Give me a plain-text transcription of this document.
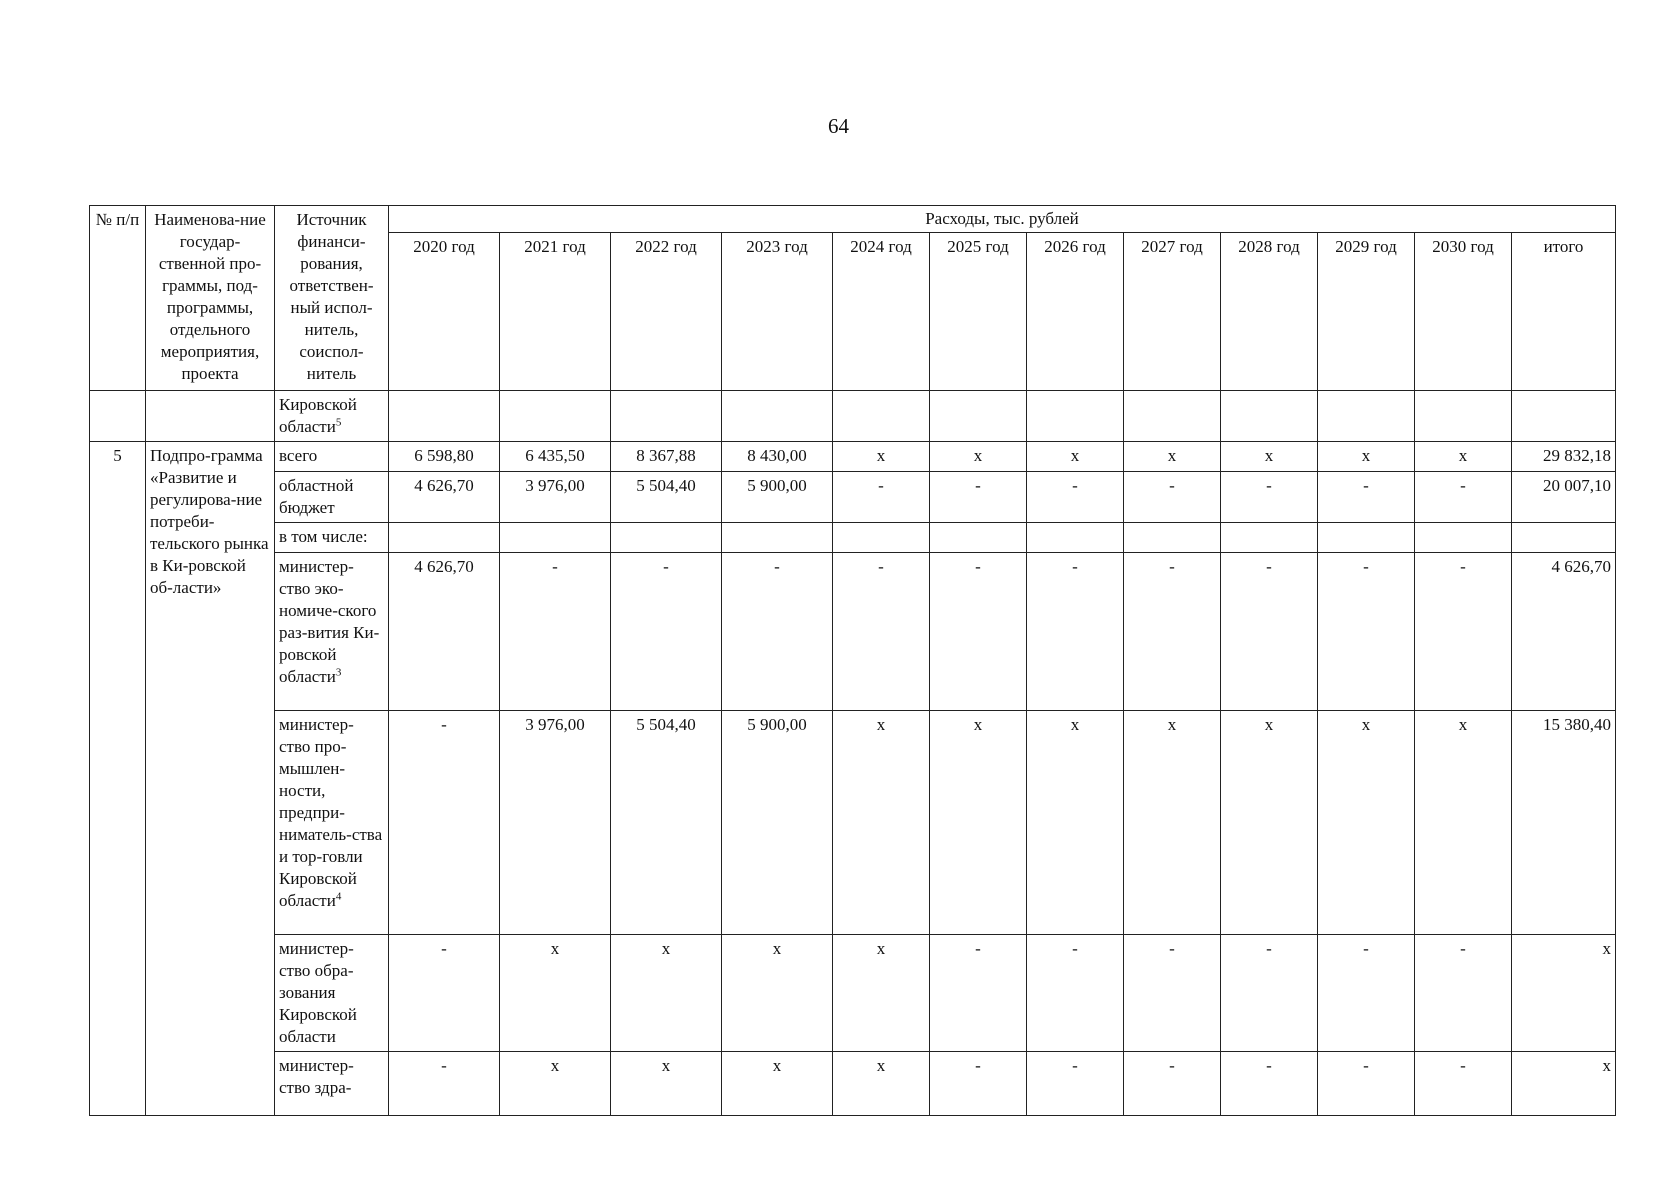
64
№ п/п	Наименова-ние государ-ственной про-граммы, под-программы, отдельного мероприятия, проекта	Источник финанси-рования, ответствен-ный испол-нитель, соиспол-нитель	Расходы, тыс. рублей											
			2020 год	2021 год	2022 год	2023 год	2024 год	2025 год	2026 год	2027 год	2028 год	2029 год	2030 год	итого
		Кировской области$^5$												
5	Подпро-грамма «Развитие и регулирова-ние потреби-тельского рынка в Ки-ровской об-ласти»	всего	6 598,80	6 435,50	8 367,88	8 430,00	х	х	х	х	х	х	х	29 832,18
		областной бюджет	4 626,70	3 976,00	5 504,40	5 900,00	-	-	-	-	-	-	-	20 007,10
		в том числе:												
		министер-ство эко-номиче-ского раз-вития Ки-ровской области$^3$	4 626,70	-	-	-	-	-	-	-	-	-	-	4 626,70
		министер-ство про-мышлен-ности, предпри-ниматель-ства и тор-говли Кировской области$^4$	-	3 976,00	5 504,40	5 900,00	х	х	х	х	х	х	х	15 380,40
		министер-ство обра-зования Кировской области	-	х	х	х	х	-	-	-	-	-	-	х
		министер-ство здра-	-	х	х	х	х	-	-	-	-	-	-	х
